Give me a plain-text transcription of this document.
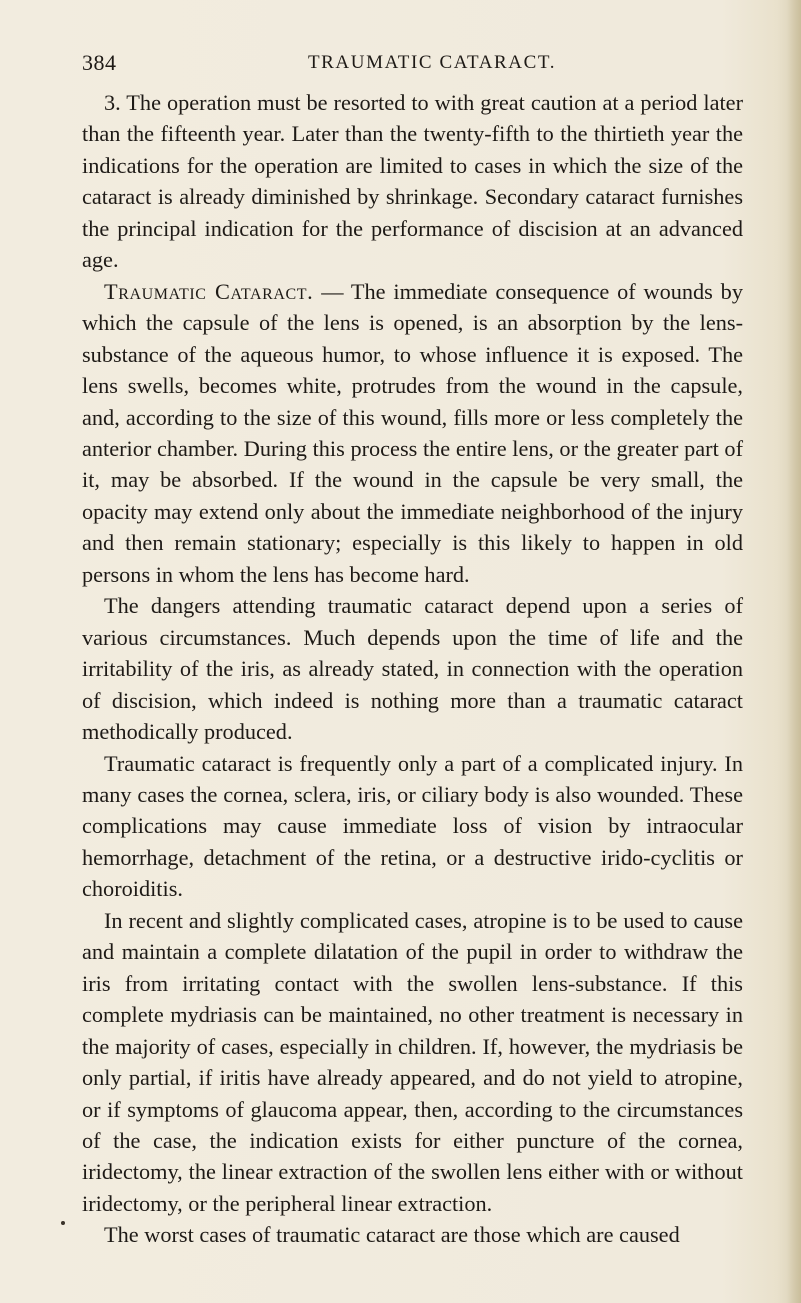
384	TRAUMATIC CATARACT.

3. The operation must be resorted to with great caution at a period later than the fifteenth year. Later than the twenty-fifth to the thirtieth year the indications for the operation are limited to cases in which the size of the cataract is already diminished by shrinkage. Secondary cataract furnishes the principal indication for the performance of discision at an advanced age.

Traumatic Cataract. — The immediate consequence of wounds by which the capsule of the lens is opened, is an absorption by the lens-substance of the aqueous humor, to whose influence it is exposed. The lens swells, becomes white, protrudes from the wound in the capsule, and, according to the size of this wound, fills more or less completely the anterior chamber. During this process the entire lens, or the greater part of it, may be absorbed. If the wound in the capsule be very small, the opacity may extend only about the immediate neighborhood of the injury and then remain stationary; especially is this likely to happen in old persons in whom the lens has become hard.

The dangers attending traumatic cataract depend upon a series of various circumstances. Much depends upon the time of life and the irritability of the iris, as already stated, in connection with the operation of discision, which indeed is nothing more than a traumatic cataract methodically produced.

Traumatic cataract is frequently only a part of a complicated injury. In many cases the cornea, sclera, iris, or ciliary body is also wounded. These complications may cause immediate loss of vision by intraocular hemorrhage, detachment of the retina, or a destructive irido-cyclitis or choroiditis.

In recent and slightly complicated cases, atropine is to be used to cause and maintain a complete dilatation of the pupil in order to withdraw the iris from irritating contact with the swollen lens-substance. If this complete mydriasis can be maintained, no other treatment is necessary in the majority of cases, especially in children. If, however, the mydriasis be only partial, if iritis have already appeared, and do not yield to atropine, or if symptoms of glaucoma appear, then, according to the circumstances of the case, the indication exists for either puncture of the cornea, iridectomy, the linear extraction of the swollen lens either with or without iridectomy, or the peripheral linear extraction.

The worst cases of traumatic cataract are those which are caused
